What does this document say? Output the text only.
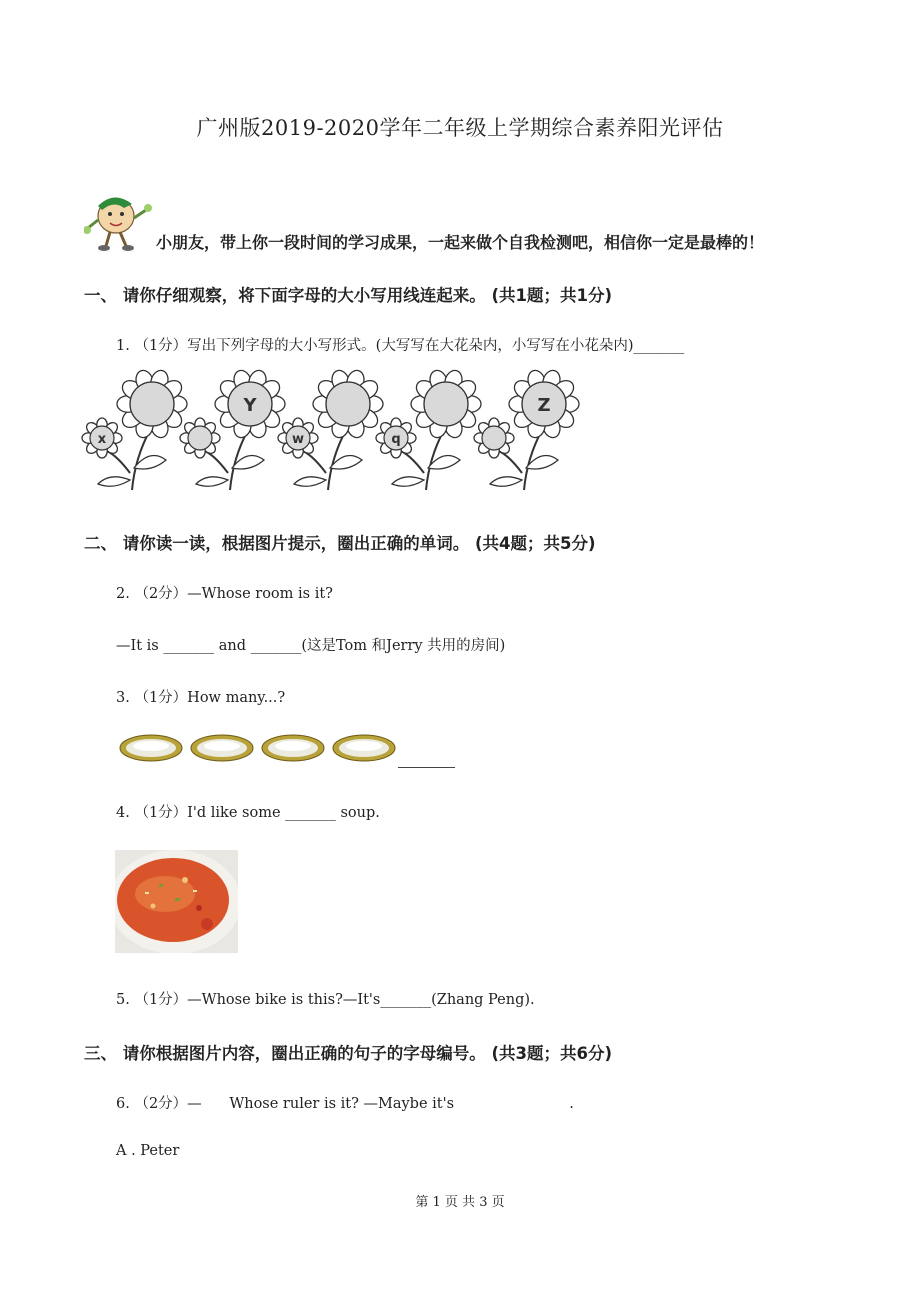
广州版2019-2020学年二年级上学期综合素养阳光评估
小朋友，带上你一段时间的学习成果，一起来做个自我检测吧，相信你一定是最棒的！
一、 请你仔细观察，将下面字母的大小写用线连起来。 (共1题；共1分)
1. （1分）写出下列字母的大小写形式。(大写写在大花朵内，小写写在小花朵内)_______
x
Y
w	q
Z
二、 请你读一读，根据图片提示，圈出正确的单词。 (共4题；共5分)
2. （2分）—Whose room is it?
—It is _______ and _______(这是Tom 和Jerry 共用的房间)
3. （1分）How many...?
4. （1分）I'd like some _______ soup.
5. （1分）—Whose bike is this?—It's_______(Zhang Peng).
三、 请你根据图片内容，圈出正确的句子的字母编号。 (共3题；共6分)
6. （2分）—      Whose ruler is it? —Maybe it's                         .
A . Peter
第 1 页 共 3 页
